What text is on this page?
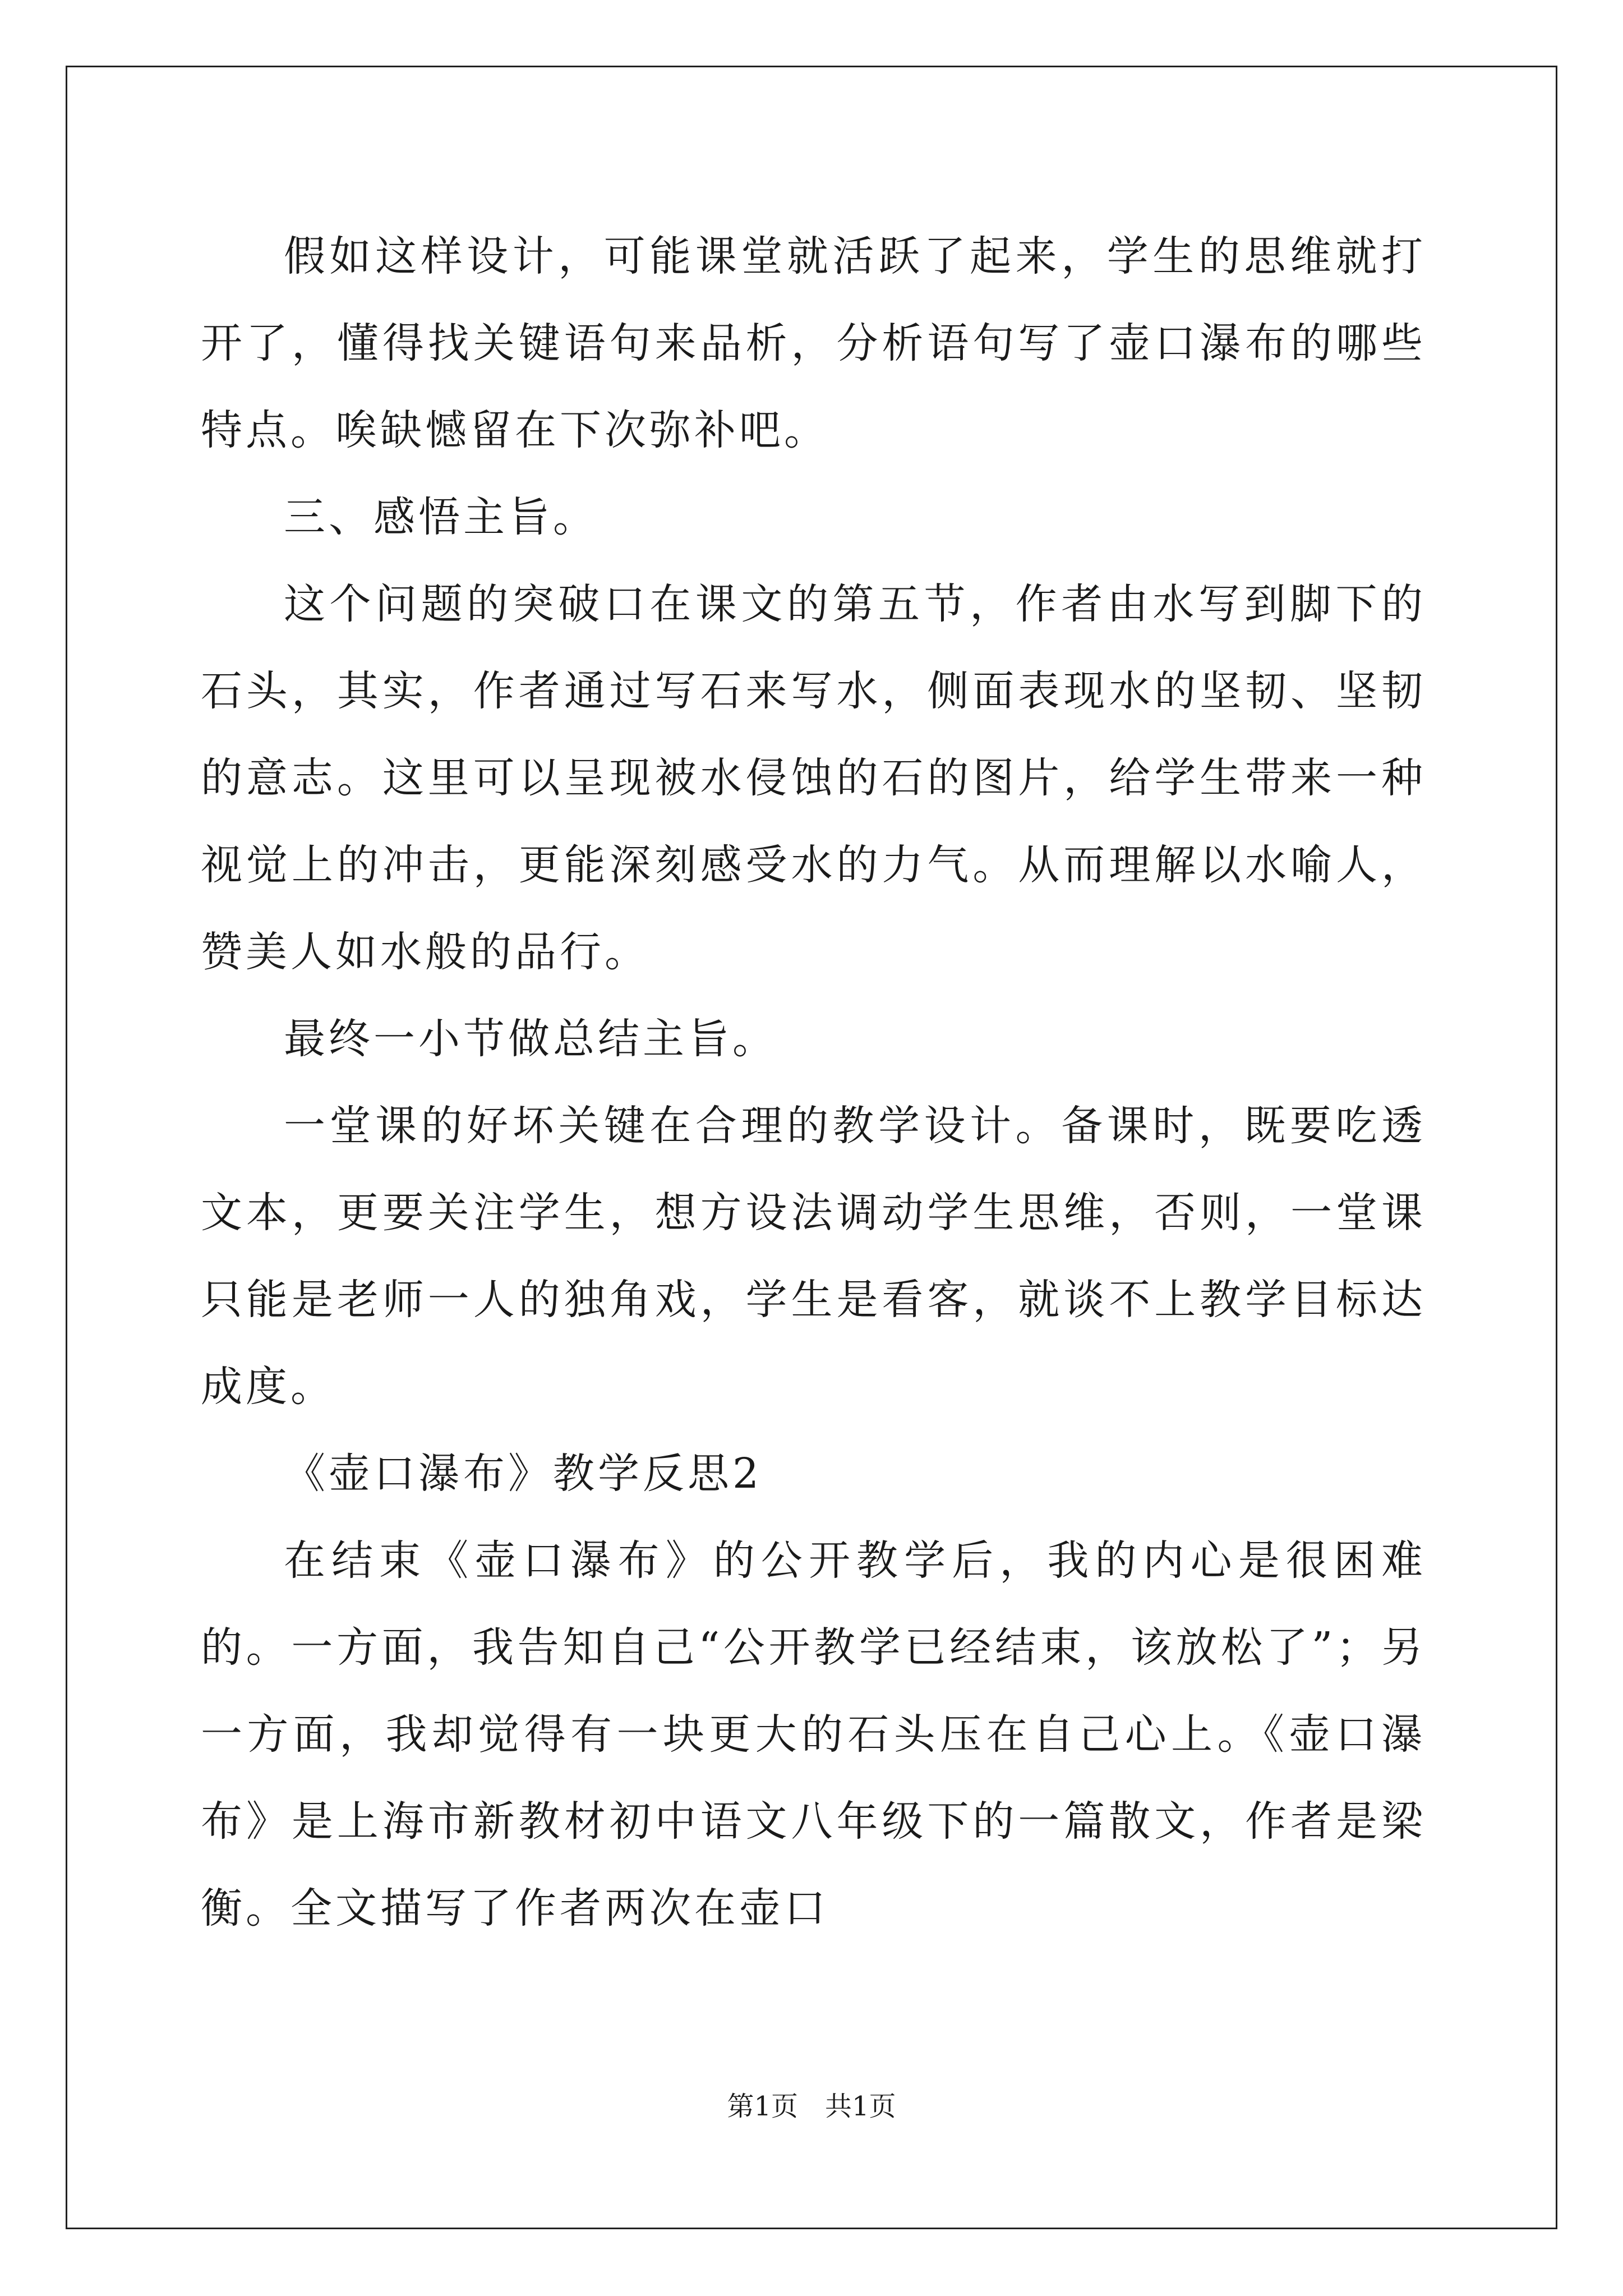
假如这样设计，可能课堂就活跃了起来，学生的思维就打开了，懂得找关键语句来品析，分析语句写了壶口瀑布的哪些特点。唉缺憾留在下次弥补吧。

三、感悟主旨。

这个问题的突破口在课文的第五节，作者由水写到脚下的石头，其实，作者通过写石来写水，侧面表现水的坚韧、坚韧的意志。这里可以呈现被水侵蚀的石的图片，给学生带来一种视觉上的冲击，更能深刻感受水的力气。从而理解以水喻人，赞美人如水般的品行。

最终一小节做总结主旨。

一堂课的好坏关键在合理的教学设计。备课时，既要吃透文本，更要关注学生，想方设法调动学生思维，否则，一堂课只能是老师一人的独角戏，学生是看客，就谈不上教学目标达成度。

《壶口瀑布》教学反思2

在结束《壶口瀑布》的公开教学后，我的内心是很困难的。一方面，我告知自己“公开教学已经结束，该放松了”；另一方面，我却觉得有一块更大的石头压在自己心上。《壶口瀑布》是上海市新教材初中语文八年级下的一篇散文，作者是梁衡。全文描写了作者两次在壶口

第1页　共1页
